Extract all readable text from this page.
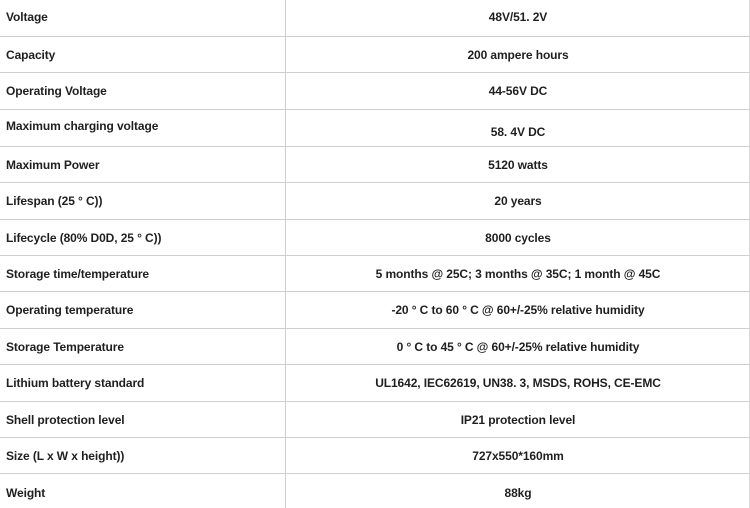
Voltage	48V/51. 2V
Capacity	200 ampere hours
Operating Voltage	44-56V DC
Maximum charging voltage	58. 4V DC
Maximum Power	5120 watts
Lifespan (25 ° C))	20 years
Lifecycle (80% D0D, 25 ° C))	8000 cycles
Storage time/temperature	5 months @ 25C; 3 months @ 35C; 1 month @ 45C
Operating temperature	-20 ° C to 60 ° C @ 60+/-25% relative humidity
Storage Temperature	0 ° C to 45 ° C @ 60+/-25% relative humidity
Lithium battery standard	UL1642, IEC62619, UN38. 3, MSDS, ROHS, CE-EMC
Shell protection level	IP21 protection level
Size (L x W x height))	727x550*160mm
Weight	88kg
